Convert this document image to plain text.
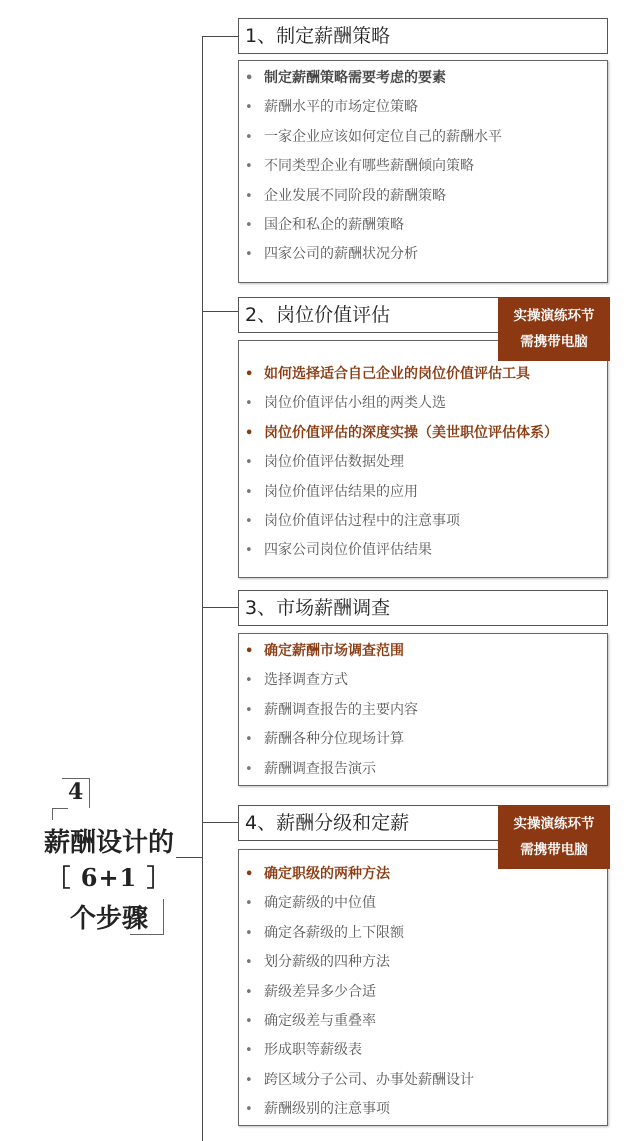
4
薪酬设计的
［ 6+1 ］
个步骤
1、制定薪酬策略
• 制定薪酬策略需要考虑的要素
• 薪酬水平的市场定位策略
• 一家企业应该如何定位自己的薪酬水平
• 不同类型企业有哪些薪酬倾向策略
• 企业发展不同阶段的薪酬策略
• 国企和私企的薪酬策略
• 四家公司的薪酬状况分析
2、岗位价值评估
• 如何选择适合自己企业的岗位价值评估工具
• 岗位价值评估小组的两类人选
• 岗位价值评估的深度实操（美世职位评估体系）
• 岗位价值评估数据处理
• 岗位价值评估结果的应用
• 岗位价值评估过程中的注意事项
• 四家公司岗位价值评估结果
实操演练环节
需携带电脑
3、市场薪酬调查
• 确定薪酬市场调查范围
• 选择调查方式
• 薪酬调查报告的主要内容
• 薪酬各种分位现场计算
• 薪酬调查报告演示
4、薪酬分级和定薪
• 确定职级的两种方法
• 确定薪级的中位值
• 确定各薪级的上下限额
• 划分薪级的四种方法
• 薪级差异多少合适
• 确定级差与重叠率
• 形成职等薪级表
• 跨区域分子公司、办事处薪酬设计
• 薪酬级别的注意事项
实操演练环节
需携带电脑
